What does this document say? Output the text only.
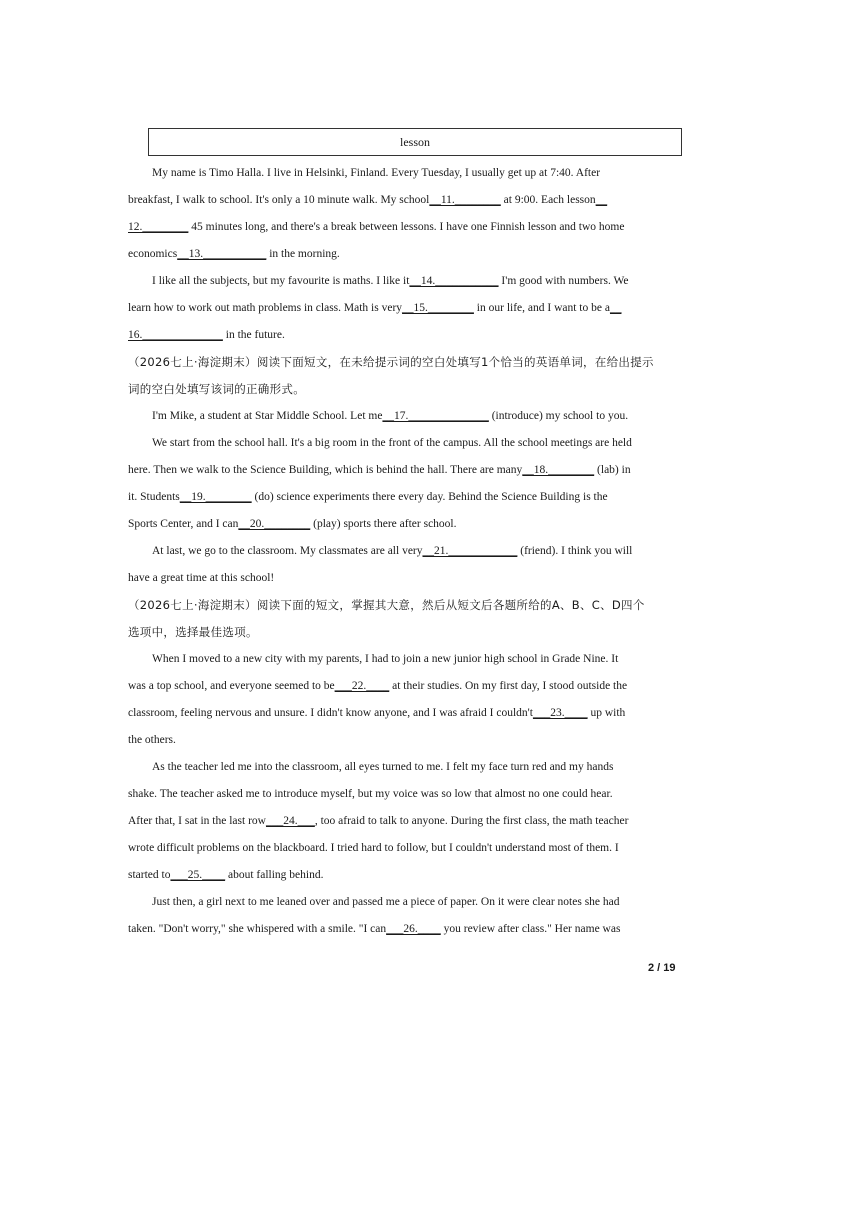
lesson
My name is Timo Halla. I live in Helsinki, Finland. Every Tuesday, I usually get up at 7:40. After
breakfast, I walk to school. It's only a 10 minute walk. My school__11.________ at 9:00. Each lesson__
12.________ 45 minutes long, and there's a break between lessons. I have one Finnish lesson and two home
economics__13.___________ in the morning.
I like all the subjects, but my favourite is maths. I like it__14.___________ I'm good with numbers. We
learn how to work out math problems in class. Math is very__15.________ in our life, and I want to be a__
16.______________ in the future.
（2026七上·海淀期末）阅读下面短文，在未给提示词的空白处填写1个恰当的英语单词，在给出提示
词的空白处填写该词的正确形式。
I'm Mike, a student at Star Middle School. Let me__17.______________ (introduce) my school to you.
We start from the school hall. It's a big room in the front of the campus. All the school meetings are held
here. Then we walk to the Science Building, which is behind the hall. There are many__18.________ (lab) in
it. Students__19.________ (do) science experiments there every day. Behind the Science Building is the
Sports Center, and I can__20.________ (play) sports there after school.
At last, we go to the classroom. My classmates are all very__21.____________ (friend). I think you will
have a great time at this school!
（2026七上·海淀期末）阅读下面的短文，掌握其大意，然后从短文后各题所给的A、B、C、D四个
选项中，选择最佳选项。
When I moved to a new city with my parents, I had to join a new junior high school in Grade Nine. It
was a top school, and everyone seemed to be___22.____ at their studies. On my first day, I stood outside the
classroom, feeling nervous and unsure. I didn't know anyone, and I was afraid I couldn't___23.____ up with
the others.
As the teacher led me into the classroom, all eyes turned to me. I felt my face turn red and my hands
shake. The teacher asked me to introduce myself, but my voice was so low that almost no one could hear.
After that, I sat in the last row___24.___, too afraid to talk to anyone. During the first class, the math teacher
wrote difficult problems on the blackboard. I tried hard to follow, but I couldn't understand most of them. I
started to___25.____ about falling behind.
Just then, a girl next to me leaned over and passed me a piece of paper. On it were clear notes she had
taken. "Don't worry," she whispered with a smile. "I can___26.____ you review after class." Her name was
2 / 19
